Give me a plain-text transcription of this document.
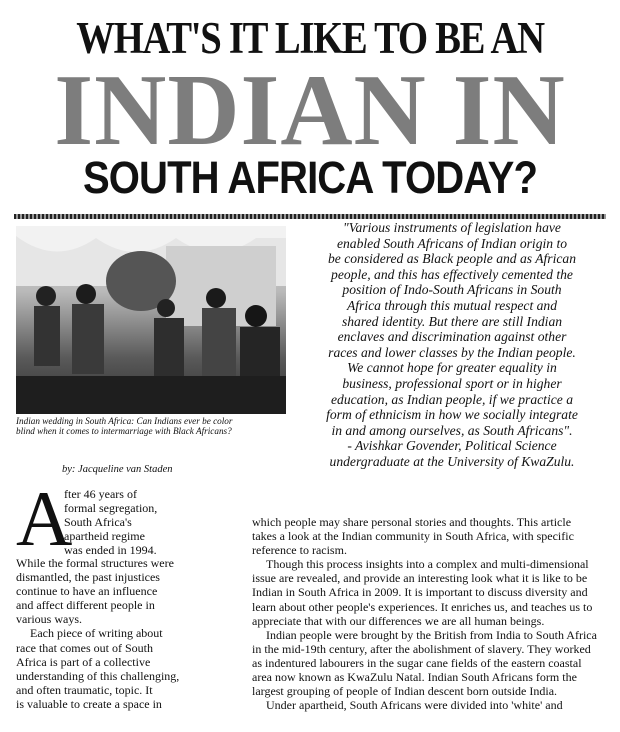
WHAT'S IT LIKE TO BE AN
INDIAN IN
SOUTH AFRICA TODAY?
Indian wedding in South Africa: Can Indians ever be color
blind when it comes to intermarriage with Black Africans?
by: Jacqueline van Staden
"Various instruments of legislation have
enabled South Africans of Indian origin to
be considered as Black people and as African
people, and this has effectively cemented the
position of Indo-South Africans in South
Africa through this mutual respect and
shared identity. But there are still Indian
enclaves and discrimination against other
races and lower classes by the Indian people.
We cannot hope for greater equality in
business, professional sport or in higher
education, as Indian people, if we practice a
form of ethnicism in how we socially integrate
in and among ourselves, as South Africans".
- Avishkar Govender, Political Science
undergraduate at the University of KwaZulu.
A
fter 46 years of
formal segregation,
South Africa's
apartheid regime
was ended in 1994.
While the formal structures were
dismantled, the past injustices
continue to have an influence
and affect different people in
various ways.
Each piece of writing about
race that comes out of South
Africa is part of a collective
understanding of this challenging,
and often traumatic, topic. It
is valuable to create a space in
which people may share personal stories and thoughts. This article
takes a look at the Indian community in South Africa, with specific
reference to racism.
Though this process insights into a complex and multi-dimensional
issue are revealed, and provide an interesting look what it is like to be
Indian in South Africa in 2009. It is important to discuss diversity and
learn about other people's experiences. It enriches us, and teaches us to
appreciate that with our differences we are all human beings.
Indian people were brought by the British from India to South Africa
in the mid-19th century, after the abolishment of slavery. They worked
as indentured labourers in the sugar cane fields of the eastern coastal
area now known as KwaZulu Natal. Indian South Africans form the
largest grouping of people of Indian descent born outside India.
Under apartheid, South Africans were divided into 'white' and
